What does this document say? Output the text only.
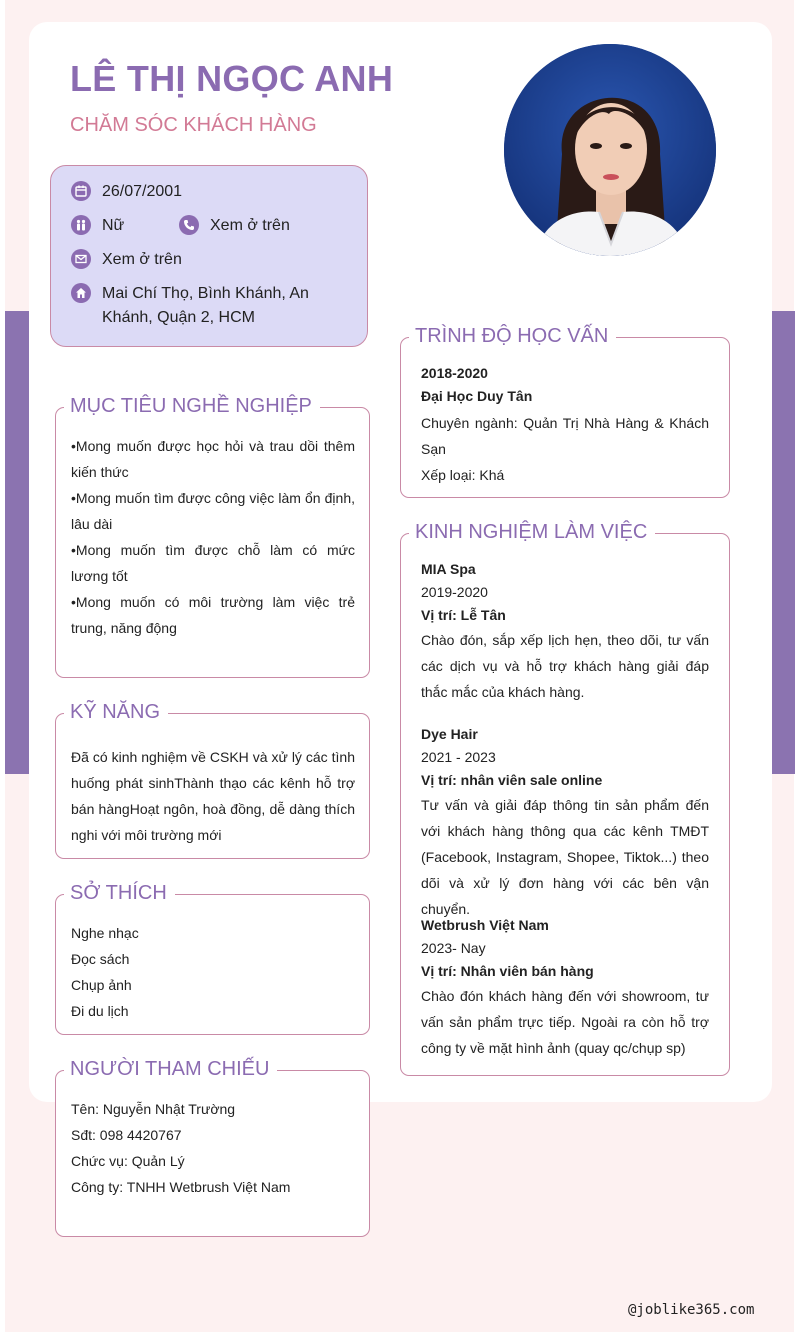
LÊ THỊ NGỌC ANH
CHĂM SÓC KHÁCH HÀNG
26/07/2001
Nữ	Xem ở trên
Xem ở trên
Mai Chí Thọ, Bình Khánh, An Khánh, Quận 2, HCM
MỤC TIÊU NGHỀ NGHIỆP

•Mong muốn được học hỏi và trau dồi thêm kiến thức

•Mong muốn tìm được công việc làm ổn định, lâu dài

•Mong muốn tìm được chỗ làm có mức lương tốt

•Mong muốn có môi trường làm việc trẻ trung, năng động

KỸ NĂNG

Đã có kinh nghiệm về CSKH và xử lý các tình huống phát sinhThành thạo các kênh hỗ trợ bán hàngHoạt ngôn, hoà đồng, dễ dàng thích nghi với môi trường mới

SỞ THÍCH

Nghe nhạc

Đọc sách

Chụp ảnh

Đi du lịch

NGƯỜI THAM CHIẾU

Tên: Nguyễn Nhật Trường

Sđt: 098 4420767

Chức vụ: Quản Lý

Công ty: TNHH Wetbrush Việt Nam

TRÌNH ĐỘ HỌC VẤN

2018-2020

Đại Học Duy Tân

Chuyên ngành: Quản Trị Nhà Hàng & Khách Sạn

Xếp loại: Khá

KINH NGHIỆM LÀM VIỆC

MIA Spa

2019-2020

Vị trí: Lễ Tân

Chào đón, sắp xếp lịch hẹn, theo dõi, tư vấn các dịch vụ và hỗ trợ khách hàng giải đáp thắc mắc của khách hàng.

Dye Hair

2021 - 2023

Vị trí: nhân viên sale online

Tư vấn và giải đáp thông tin sản phẩm đến với khách hàng thông qua các kênh TMĐT (Facebook, Instagram, Shopee, Tiktok...) theo dõi và xử lý đơn hàng với các bên vận chuyển.

Wetbrush Việt Nam

2023- Nay

Vị trí: Nhân viên bán hàng

Chào đón khách hàng đến với showroom, tư vấn sản phẩm trực tiếp. Ngoài ra còn hỗ trợ công ty về mặt hình ảnh (quay qc/chụp sp)

@joblike365.com
